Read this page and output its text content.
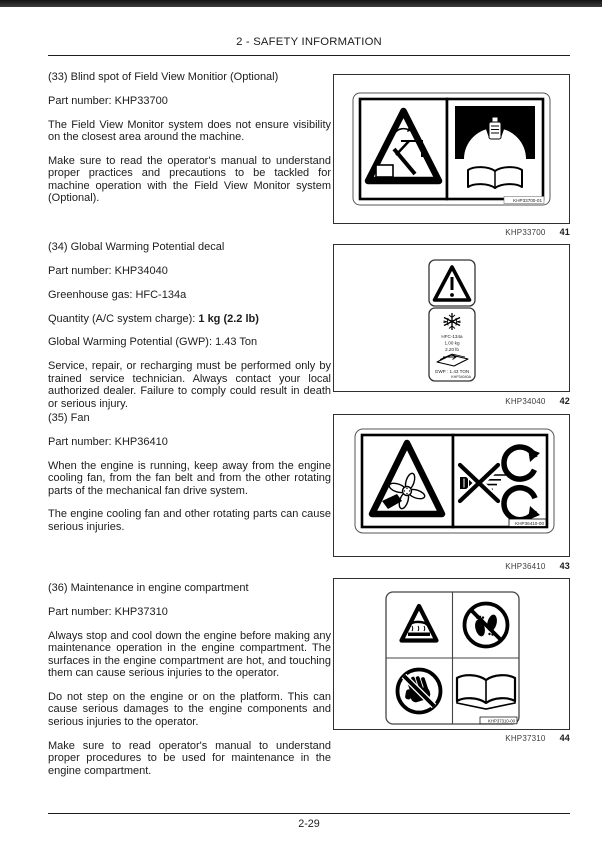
2 - SAFETY INFORMATION

(33) Blind spot of Field View Monitior (Optional)

Part number: KHP33700

The Field View Monitor system does not ensure visibility on the closest area around the machine.

Make sure to read the operator's manual to understand proper practices and precautions to be tackled for machine operation with the Field View Monitor system (Optional).

(34) Global Warming Potential decal

Part number: KHP34040

Greenhouse gas: HFC-134a

Quantity (A/C system charge): 1 kg (2.2 lb)

Global Warming Potential (GWP): 1.43 Ton

Service, repair, or recharging must be performed only by trained service technician. Always contact your local authorized dealer. Failure to comply could result in death or serious injury.

(35) Fan

Part number: KHP36410

When the engine is running, keep away from the engine cooling fan, from the fan belt and from the other rotating parts of the mechanical fan drive system.

The engine cooling fan and other rotating parts can cause serious injuries.

(36) Maintenance in engine compartment

Part number: KHP37310

Always stop and cool down the engine before making any maintenance operation in the engine compartment. The surfaces in the engine compartment are hot, and touching them can cause serious injuries to the operator.

Do not step on the engine or on the platform. This can cause serious damages to the engine components and serious injuries to the operator.

Make sure to read operator's manual to understand proper procedures to be used for maintenance in the engine compartment.

KHP33700-01
KHP33700 41
HFC-134a
1.00 kg
2.20 lb
GWP : 1.43 TON
KHP34040A
KHP34040 42
KHP36410-00
KHP36410 43
KHP37310-00
KHP37310 44
2-29
